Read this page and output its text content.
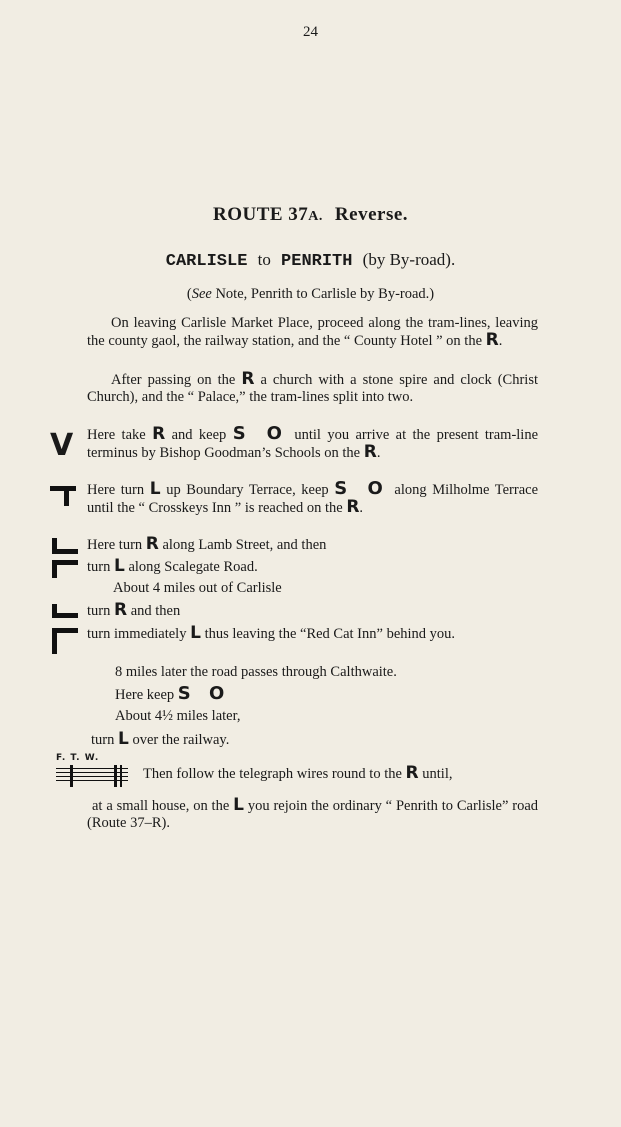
24
ROUTE 37A. Reverse.
CARLISLE to PENRITH (by By-road).
(See Note, Penrith to Carlisle by By-road.)
On leaving Carlisle Market Place, proceed along the tram-lines, leaving the county gaol, the railway station, and the “ County Hotel ” on the R.
After passing on the R a church with a stone spire and clock (Christ Church), and the “ Palace,” the tram-lines split into two.
V Here take R and keep S O until you arrive at the present tram-line terminus by Bishop Goodman’s Schools on the R.
Here turn L up Boundary Terrace, keep S O along Milholme Terrace until the “ Crosskeys Inn ” is reached on the R.
Here turn R along Lamb Street, and then
turn L along Scalegate Road.
About 4 miles out of Carlisle
turn R and then
turn immediately L thus leaving the “Red Cat Inn” behind you.
8 miles later the road passes through Calthwaite.
Here keep S O
About 4½ miles later,
turn L over the railway.
F. T. W.
Then follow the telegraph wires round to the R until,
at a small house, on the L you rejoin the ordinary “ Penrith to Carlisle” road (Route 37–R).
